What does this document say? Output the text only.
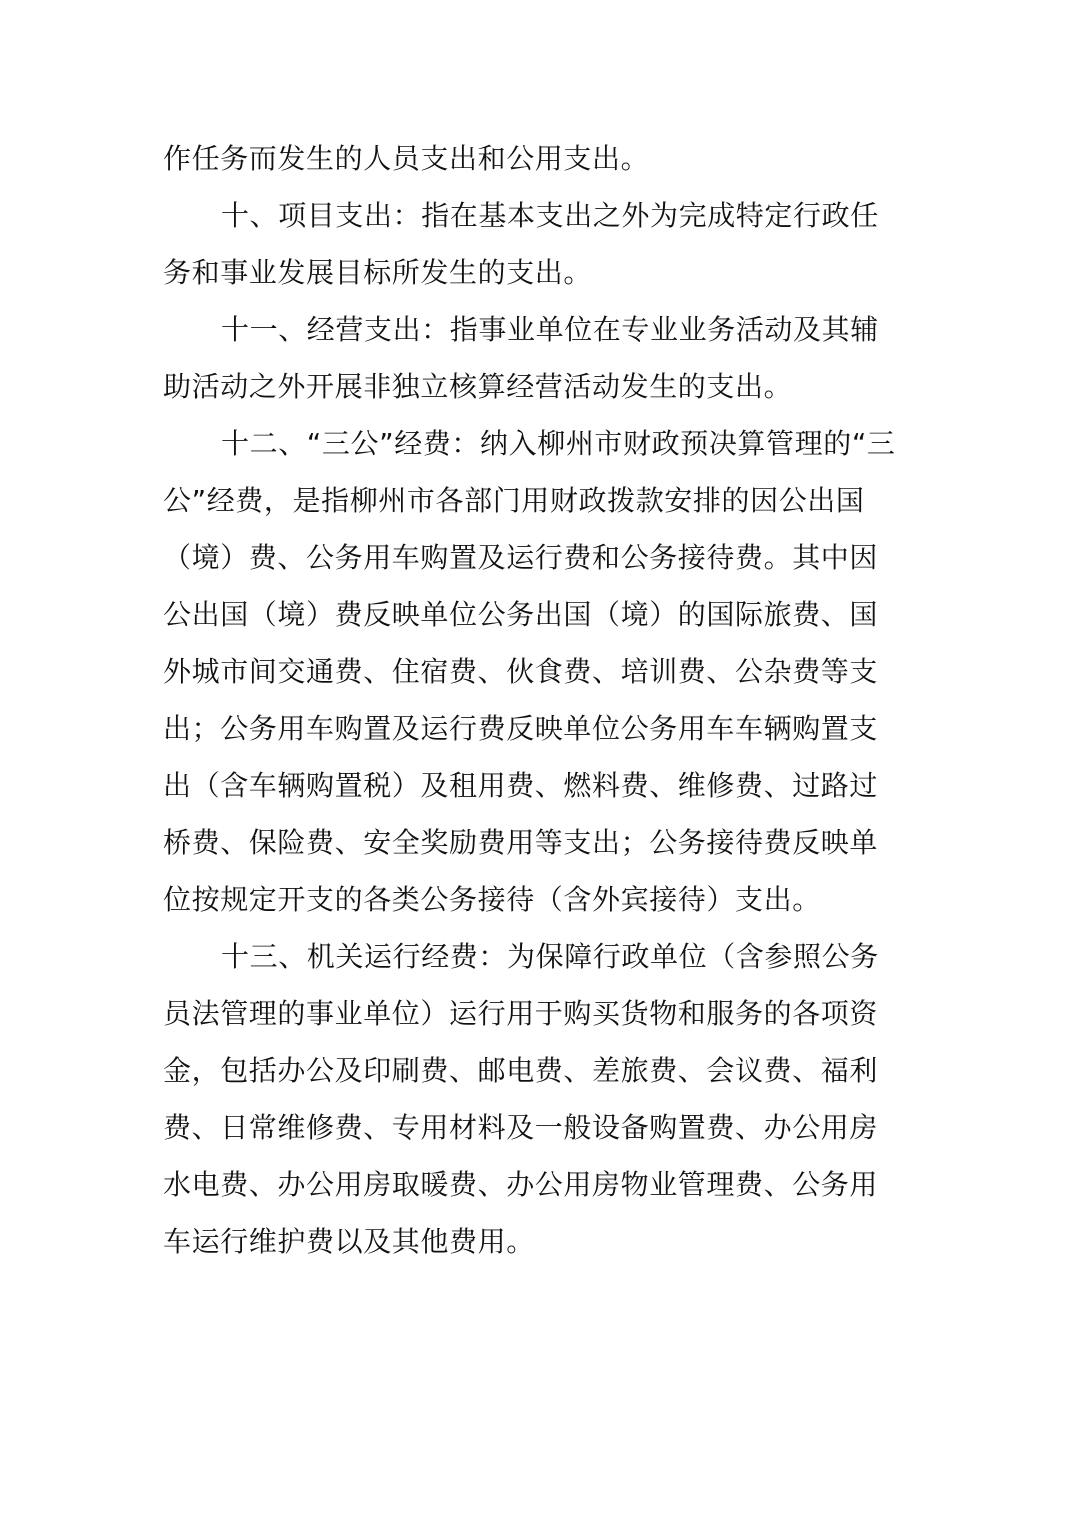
作任务而发生的人员支出和公用支出。
十、项目支出：指在基本支出之外为完成特定行政任
务和事业发展目标所发生的支出。
十一、经营支出：指事业单位在专业业务活动及其辅
助活动之外开展非独立核算经营活动发生的支出。
十二、“三公”经费：纳入柳州市财政预决算管理的“三
公”经费，是指柳州市各部门用财政拨款安排的因公出国
（境）费、公务用车购置及运行费和公务接待费。其中因
公出国（境）费反映单位公务出国（境）的国际旅费、国
外城市间交通费、住宿费、伙食费、培训费、公杂费等支
出；公务用车购置及运行费反映单位公务用车车辆购置支
出（含车辆购置税）及租用费、燃料费、维修费、过路过
桥费、保险费、安全奖励费用等支出；公务接待费反映单
位按规定开支的各类公务接待（含外宾接待）支出。
十三、机关运行经费：为保障行政单位（含参照公务
员法管理的事业单位）运行用于购买货物和服务的各项资
金，包括办公及印刷费、邮电费、差旅费、会议费、福利
费、日常维修费、专用材料及一般设备购置费、办公用房
水电费、办公用房取暖费、办公用房物业管理费、公务用
车运行维护费以及其他费用。
